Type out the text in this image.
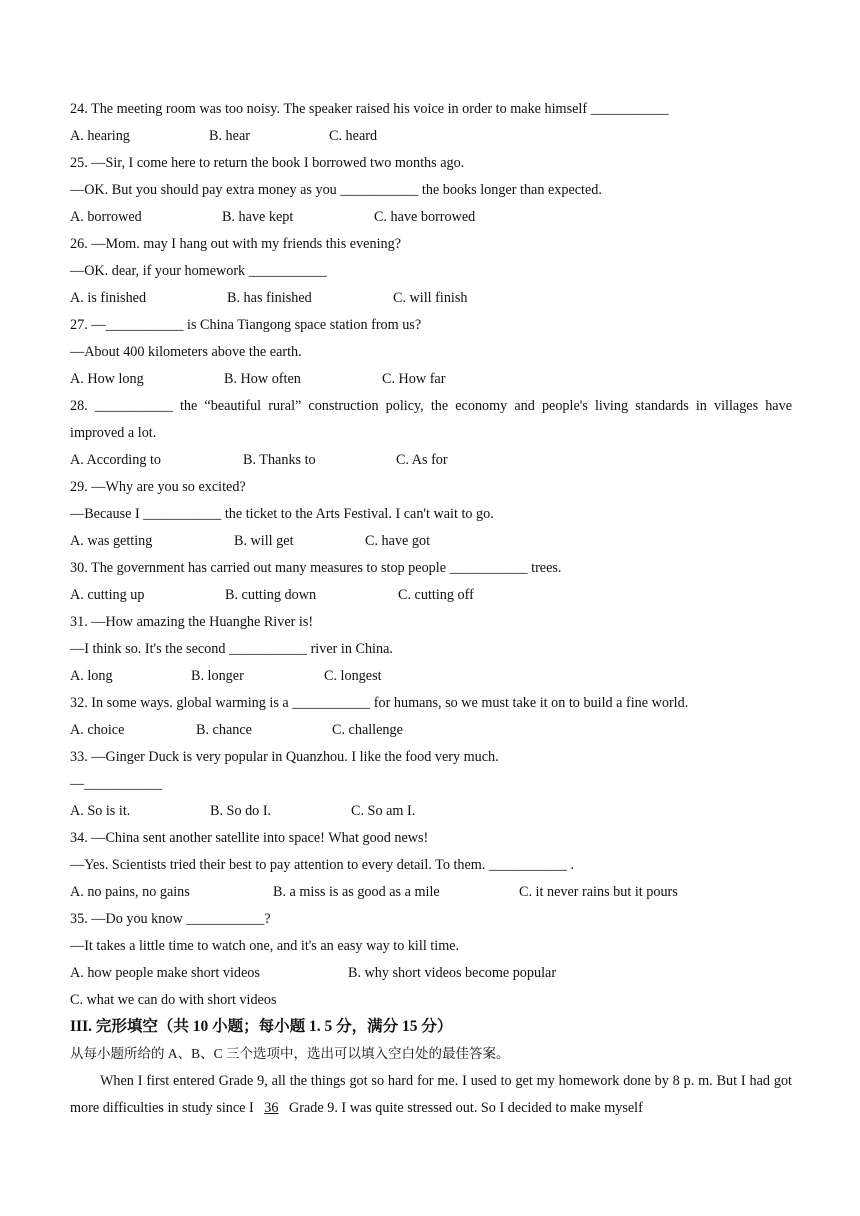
24. The meeting room was too noisy. The speaker raised his voice in order to make himself ___________
A. hearing	B. hear	C. heard
25. —Sir, I come here to return the book I borrowed two months ago.
—OK. But you should pay extra money as you ___________ the books longer than expected.
A. borrowed	B. have kept	C. have borrowed
26. —Mom. may I hang out with my friends this evening?
—OK. dear, if your homework ___________
A. is finished	B. has finished	C. will finish
27. —___________ is China Tiangong space station from us?
—About 400 kilometers above the earth.
A. How long	B. How often	C. How far
28. ___________ the “beautiful rural” construction policy, the economy and people's living standards in villages have improved a lot.
A. According to	B. Thanks to	C. As for
29. —Why are you so excited?
—Because I ___________ the ticket to the Arts Festival. I can't wait to go.
A. was getting	B. will get	C. have got
30. The government has carried out many measures to stop people ___________ trees.
A. cutting up	B. cutting down	C. cutting off
31. —How amazing the Huanghe River is!
—I think so. It's the second ___________ river in China.
A. long	B. longer	C. longest
32. In some ways. global warming is a ___________ for humans, so we must take it on to build a fine world.
A. choice	B. chance	C. challenge
33. —Ginger Duck is very popular in Quanzhou. I like the food very much.
—___________
A. So is it.	B. So do I.	C. So am I.
34. —China sent another satellite into space! What good news!
—Yes. Scientists tried their best to pay attention to every detail. To them. ___________ .
A. no pains, no gains	B. a miss is as good as a mile	C. it never rains but it pours
35. —Do you know ___________?
—It takes a little time to watch one, and it's an easy way to kill time.
A. how people make short videos	B. why short videos become popular
C. what we can do with short videos
III. 完形填空（共 10 小题；每小题 1. 5 分，满分 15 分）
从每小题所给的 A、B、C 三个选项中，选出可以填入空白处的最佳答案。
When I first entered Grade 9, all the things got so hard for me. I used to get my homework done by 8 p. m. But I had got more difficulties in study since I 36 Grade 9. I was quite stressed out. So I decided to make myself
